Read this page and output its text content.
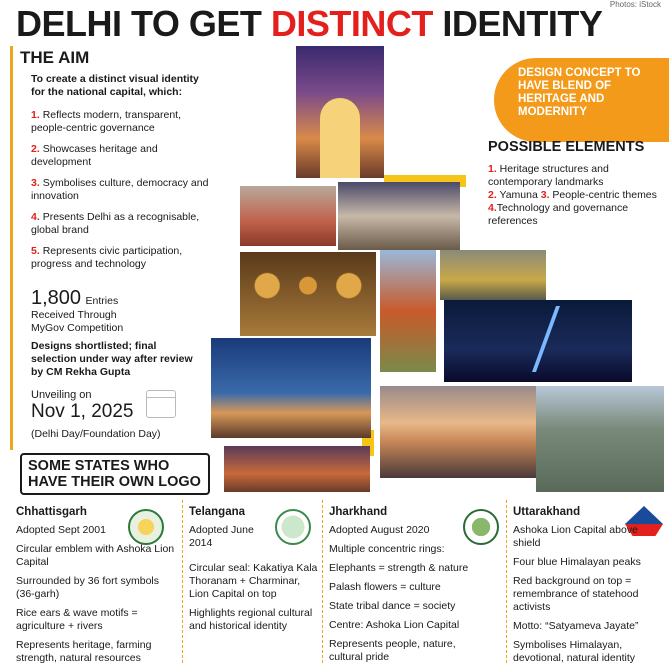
Photos: iStock
DELHI TO GET DISTINCT IDENTITY
THE AIM
To create a distinct visual identity for the national capital, which:
1. Reflects modern, transparent, people-centric governance
2. Showcases heritage and development
3. Symbolises culture, democracy and innovation
4. Presents Delhi as a recognisable, global brand
5. Represents civic participation, progress and technology
1,800 Entries
Received Through MyGov Competition
Designs shortlisted; final selection under way after review by CM Rekha Gupta
Unveiling on
Nov 1, 2025
(Delhi Day/Foundation Day)
DESIGN CONCEPT TO HAVE BLEND OF HERITAGE AND MODERNITY
POSSIBLE ELEMENTS
1. Heritage structures and contemporary landmarks
2. Yamuna 3. People-centric themes 4.Technology and governance references
SOME STATES WHO HAVE THEIR OWN LOGO
Chhattisgarh

Adopted Sept 2001

Circular emblem with Ashoka Lion Capital

Surrounded by 36 fort symbols (36-garh)

Rice ears & wave motifs = agriculture + rivers

Represents heritage, farming strength, natural resources

Telangana

Adopted June 2014

Circular seal: Kakatiya Kala Thoranam + Charminar, Lion Capital on top

Highlights regional cultural and historical identity

Jharkhand

Adopted August 2020

Multiple concentric rings:

Elephants = strength & nature

Palash flowers = culture

State tribal dance = society

Centre: Ashoka Lion Capital

Represents people, nature, cultural pride

Uttarakhand

Ashoka Lion Capital above shield

Four blue Himalayan peaks

Red background on top = remembrance of statehood activists

Motto: “Satyameva Jayate”

Symbolises Himalayan, devotional, natural identity
